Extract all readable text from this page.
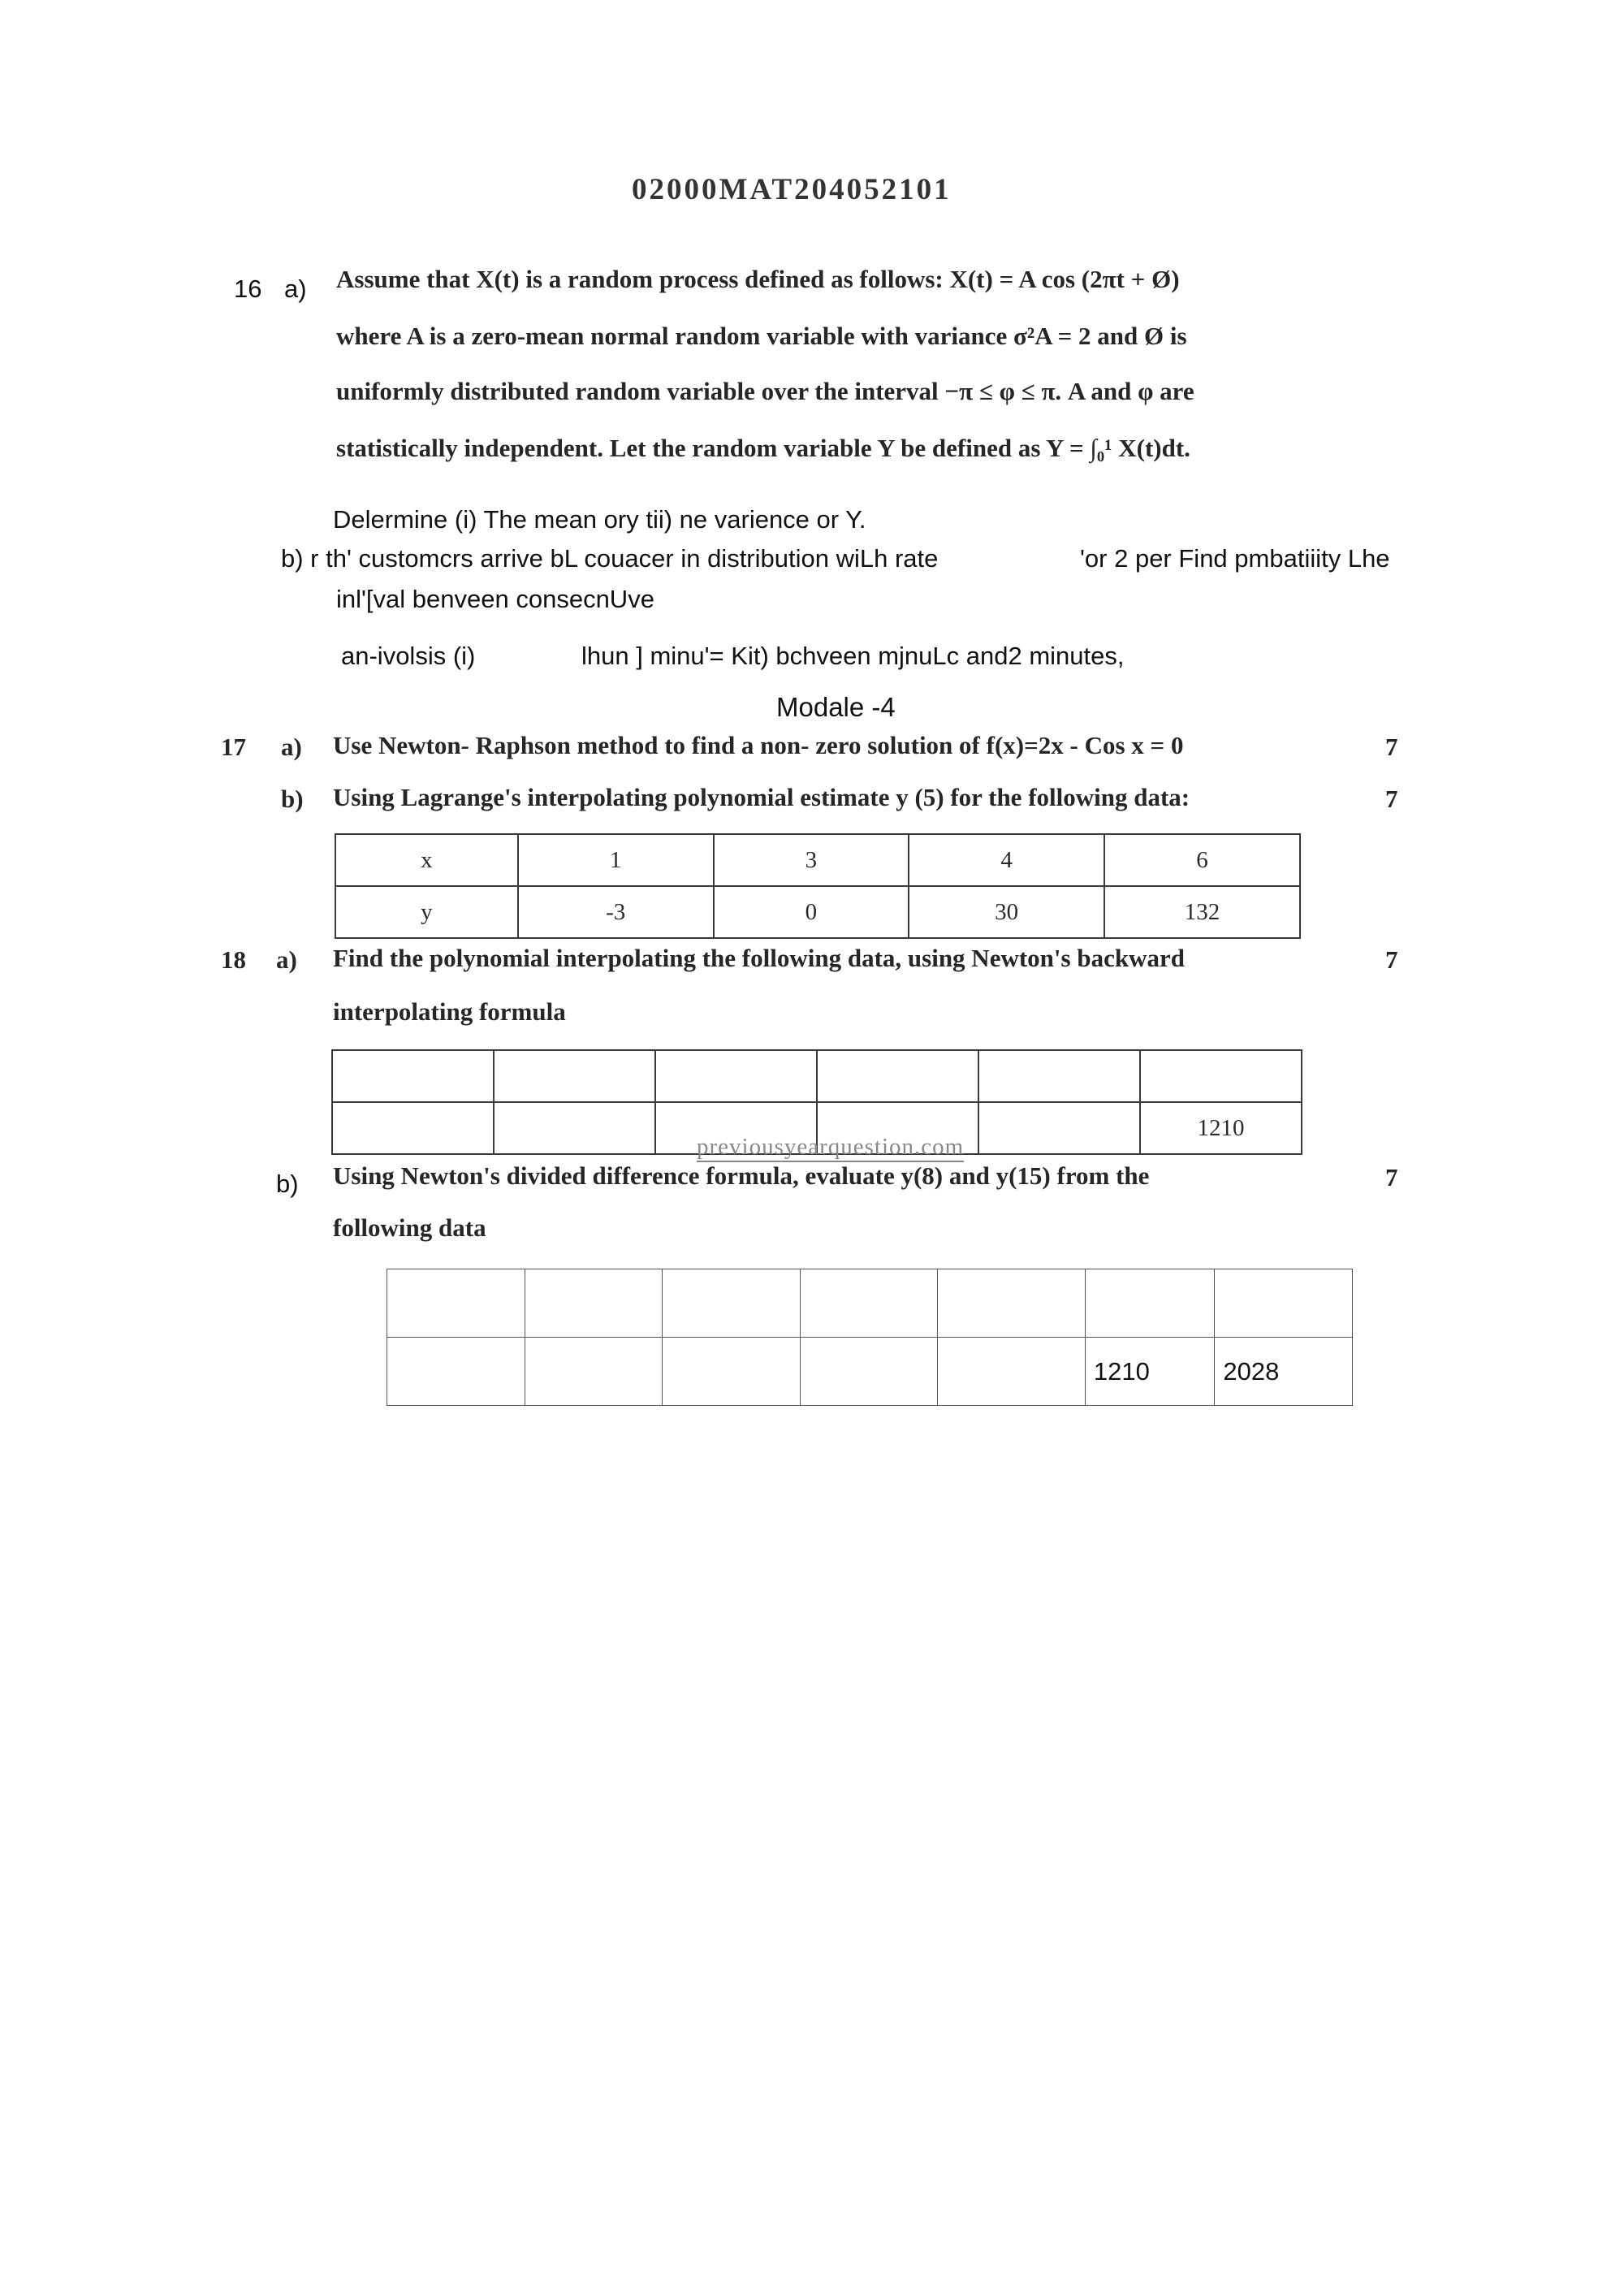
02000MAT204052101
16 a) Assume that X(t) is a random process defined as follows: X(t) = A cos (2πt + Ø)
where A is a zero-mean normal random variable with variance σ²A = 2 and Ø is
uniformly distributed random variable over the interval −π ≤ φ ≤ π. A and φ are
statistically independent. Let the random variable Y be defined as Y = ∫₀¹ X(t)dt.
Delermine (i) The mean ory tii) ne varience or Y.
b) r th' customcrs arrive bL couacer in distribution wiLh rate	'or 2 per Find pmbatiiity Lhe
inl'[val benveen consecnUve
an-ivolsis (i)	lhun ] minu'= Kit) bchveen mjnuLc and2 minutes,
Modale -4
17 a) Use Newton- Raphson method to find a non- zero solution of f(x)=2x - Cos x = 0	7
b) Using Lagrange's interpolating polynomial estimate y (5) for the following data:	7
x	1	3	4	6
y	-3	0	30	132
18 a) Find the polynomial interpolating the following data, using Newton's backward	7
interpolating formula

					1210
previousyearquestion.com
b) Using Newton's divided difference formula, evaluate y(8) and y(15) from the	7
following data

					1210	2028
